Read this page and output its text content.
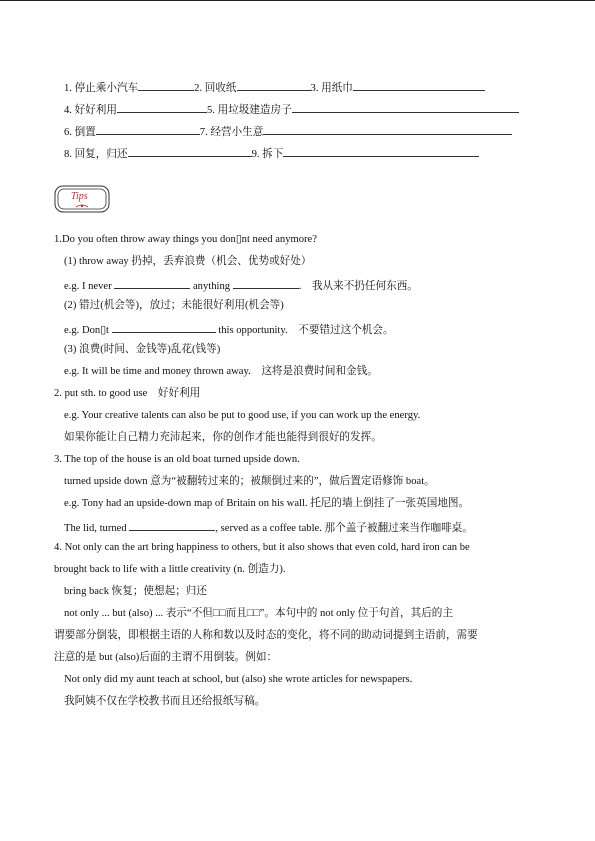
1. 停止乘小汽车	2. 回收纸	3. 用纸巾
4. 好好利用	5. 用垃圾建造房子
6. 倒置	7. 经营小生意
8. 回复，归还	9. 拆下
Tips
1.Do you often throw away things you don▯nt need anymore?
(1) throw away 扔掉，丢弃浪费（机会、优势或好处）
e.g. I never	anything	. 我从来不扔任何东西。
(2) 错过(机会等)，放过；未能很好利用(机会等)
e.g. Don▯t	this opportunity. 不要错过这个机会。
(3) 浪费(时间、金钱等)乱花(钱等)
e.g. It will be time and money thrown away. 这将是浪费时间和金钱。
2. put sth. to good use 好好利用
e.g. Your creative talents can also be put to good use, if you can work up the energy.
如果你能让自己精力充沛起来，你的创作才能也能得到很好的发挥。
3. The top of the house is an old boat turned upside down.
turned upside down 意为“被翻转过来的；被颠倒过来的”，做后置定语修饰 boat。
e.g. Tony had an upside-down map of Britain on his wall. 托尼的墙上倒挂了一张英国地图。
The lid, turned	, served as a coffee table. 那个盖子被翻过来当作咖啡桌。
4. Not only can the art bring happiness to others, but it also shows that even cold, hard iron can be
brought back to life with a little creativity (n. 创造力).
bring back 恢复；使想起；归还
not only ... but (also) ... 表示“不但□□而且□□”。本句中的 not only 位于句首，其后的主
谓要部分倒装，即根据主语的人称和数以及时态的变化，将不同的助动词提到主语前，需要
注意的是 but (also)后面的主谓不用倒装。例如：
Not only did my aunt teach at school, but (also) she wrote articles for newspapers.
我阿姨不仅在学校教书而且还给报纸写稿。
